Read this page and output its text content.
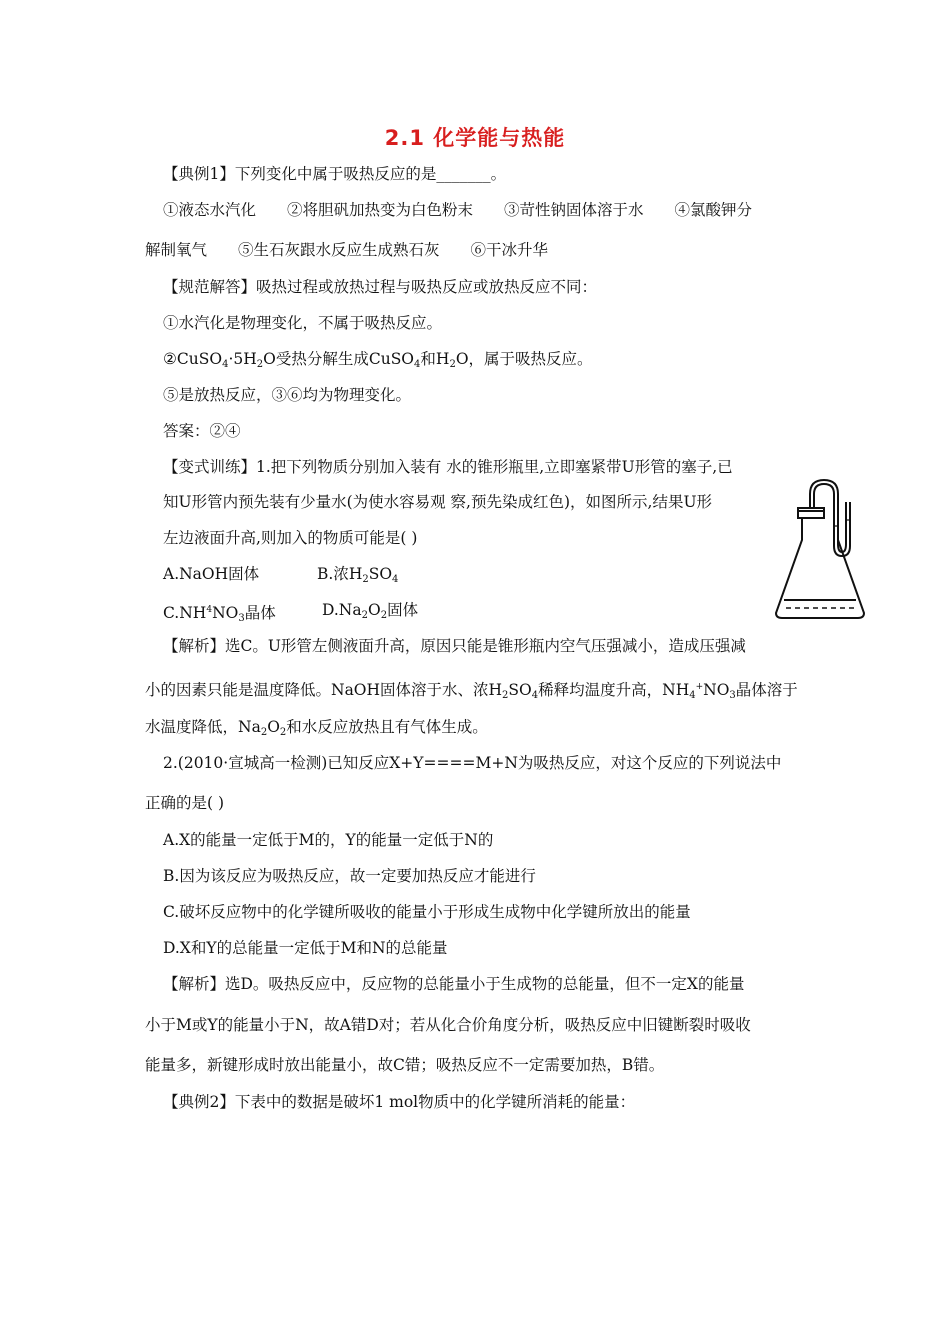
2.1 化学能与热能
【典例1】下列变化中属于吸热反应的是_______。
①液态水汽化　　②将胆矾加热变为白色粉末　　③苛性钠固体溶于水　　④氯酸钾分
解制氧气　　⑤生石灰跟水反应生成熟石灰　　⑥干冰升华
【规范解答】吸热过程或放热过程与吸热反应或放热反应不同：
①水汽化是物理变化，不属于吸热反应。
$②CuSO_4\cdot 5H_2O$受热分解生成CuSO$_4$和$H_2O$，属于吸热反应。
⑤是放热反应，③⑥均为物理变化。
答案：②④
【变式训练】1.把下列物质分别加入装有 水的锥形瓶里,立即塞紧带U形管的塞子,已
知U形管内预先装有少量水(为使水容易观 察,预先染成红色)，如图所示,结果U形
左边液面升高,则加入的物质可能是( )
A.NaOH固体	B.浓$H_2SO_4$
$C.NH^4NO_3$晶体	$D.Na_2O_2$固体
【解析】选C。U形管左侧液面升高，原因只能是锥形瓶内空气压强减小，造成压强减
小的因素只能是温度降低。NaOH固体溶于水、浓$H_2SO_4$稀释均温度升高，$NH_4^+NO_3$晶体溶于
水温度降低，$Na_2O_2$和水反应放热且有气体生成。
2.(2010·宣城高一检测)已知反应X+Y====M+N为吸热反应，对这个反应的下列说法中
正确的是( )
A.X的能量一定低于M的，Y的能量一定低于N的
B.因为该反应为吸热反应，故一定要加热反应才能进行
C.破坏反应物中的化学键所吸收的能量小于形成生成物中化学键所放出的能量
D.X和Y的总能量一定低于M和N的总能量
【解析】选D。吸热反应中，反应物的总能量小于生成物的总能量，但不一定X的能量
小于M或Y的能量小于N，故A错D对；若从化合价角度分析，吸热反应中旧键断裂时吸收
能量多，新键形成时放出能量小，故C错；吸热反应不一定需要加热，B错。
【典例2】下表中的数据是破坏1 mol物质中的化学键所消耗的能量：
